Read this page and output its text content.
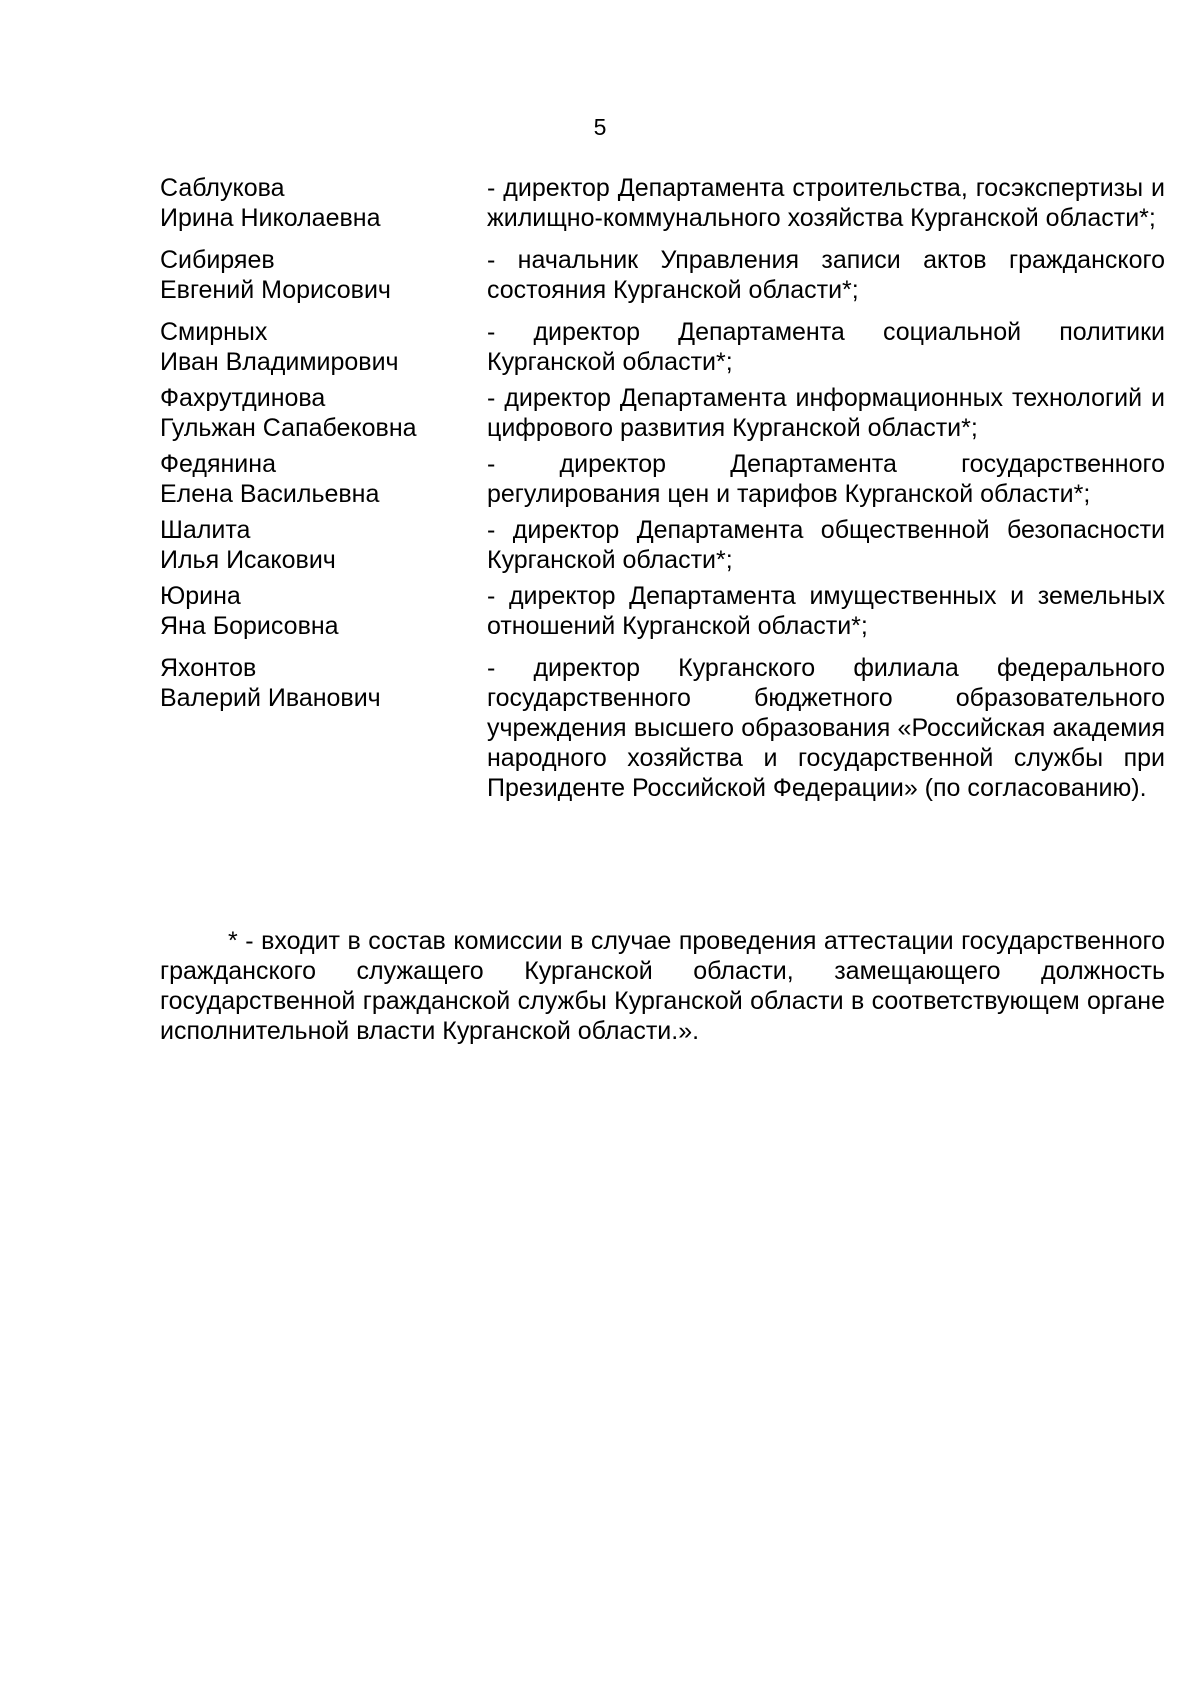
5
Саблукова
Ирина Николаевна
- директор Департамента строительства, госэкспертизы и жилищно-коммунального хозяйства Курганской области*;
Сибиряев
Евгений Морисович
- начальник Управления записи актов гражданского состояния Курганской области*;
Смирных
Иван Владимирович
- директор Департамента социальной политики Курганской области*;
Фахрутдинова
Гульжан Сапабековна
- директор Департамента информационных технологий и цифрового развития Курганской области*;
Федянина
Елена Васильевна
- директор Департамента государственного регулирования цен и тарифов Курганской области*;
Шалита
Илья Исакович
- директор Департамента общественной безопасности Курганской области*;
Юрина
Яна Борисовна
- директор Департамента имущественных и земельных отношений Курганской области*;
Яхонтов
Валерий Иванович
- директор Курганского филиала федерального государственного бюджетного образовательного учреждения высшего образования «Российская академия народного хозяйства и государственной службы при Президенте Российской Федерации» (по согласованию).
* - входит в состав комиссии в случае проведения аттестации государственного гражданского служащего Курганской области, замещающего должность государственной гражданской службы Курганской области в соответствующем органе исполнительной власти Курганской области.».
